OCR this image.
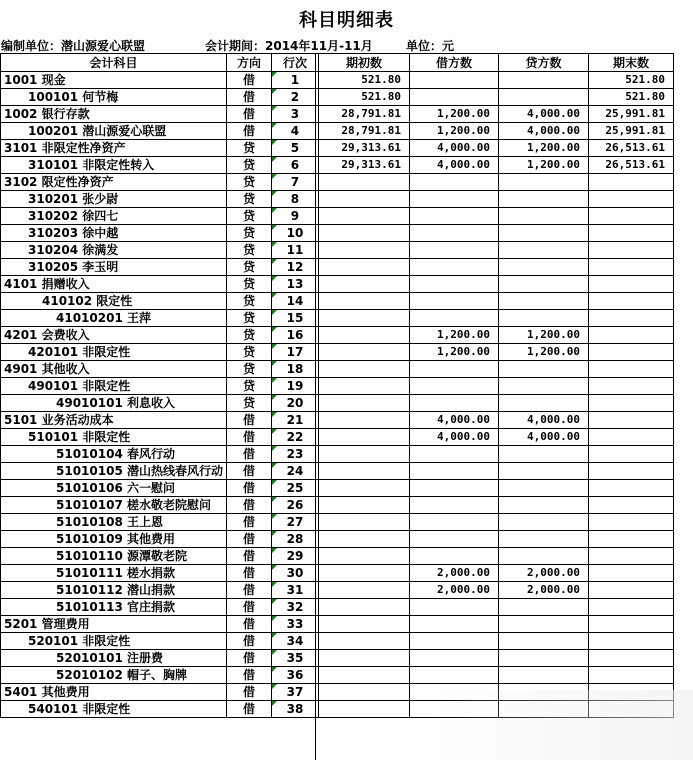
科目明细表
编制单位：潜山源爱心联盟	会计期间：2014年11月-11月	单位：元
会计科目	方向	行次	期初数	借方数	贷方数	期末数
1001 现金	借	1	521.80			521.80
100101 何节梅	借	2	521.80			521.80
1002 银行存款	借	3	28,791.81	1,200.00	4,000.00	25,991.81
100201 潜山源爱心联盟	借	4	28,791.81	1,200.00	4,000.00	25,991.81
3101 非限定性净资产	贷	5	29,313.61	4,000.00	1,200.00	26,513.61
310101 非限定性转入	贷	6	29,313.61	4,000.00	1,200.00	26,513.61
3102 限定性净资产	贷	7				
310201 张少尉	贷	8				
310202 徐四七	贷	9				
310203 徐中越	贷	10				
310204 徐满发	贷	11				
310205 李玉明	贷	12				
4101 捐赠收入	贷	13				
410102 限定性	贷	14				
41010201 王萍	贷	15				
4201 会费收入	贷	16		1,200.00	1,200.00	
420101 非限定性	贷	17		1,200.00	1,200.00	
4901 其他收入	贷	18				
490101 非限定性	贷	19				
49010101 利息收入	贷	20				
5101 业务活动成本	借	21		4,000.00	4,000.00	
510101 非限定性	借	22		4,000.00	4,000.00	
51010104 春风行动	借	23				
51010105 潜山热线春风行动	借	24				
51010106 六一慰问	借	25				
51010107 槎水敬老院慰问	借	26				
51010108 王上恩	借	27				
51010109 其他费用	借	28				
51010110 源潭敬老院	借	29				
51010111 槎水捐款	借	30		2,000.00	2,000.00	
51010112 潜山捐款	借	31		2,000.00	2,000.00	
51010113 官庄捐款	借	32				
5201 管理费用	借	33				
520101 非限定性	借	34				
52010101 注册费	借	35				
52010102 帽子、胸牌	借	36				
5401 其他费用	借	37				
540101 非限定性	借	38				
